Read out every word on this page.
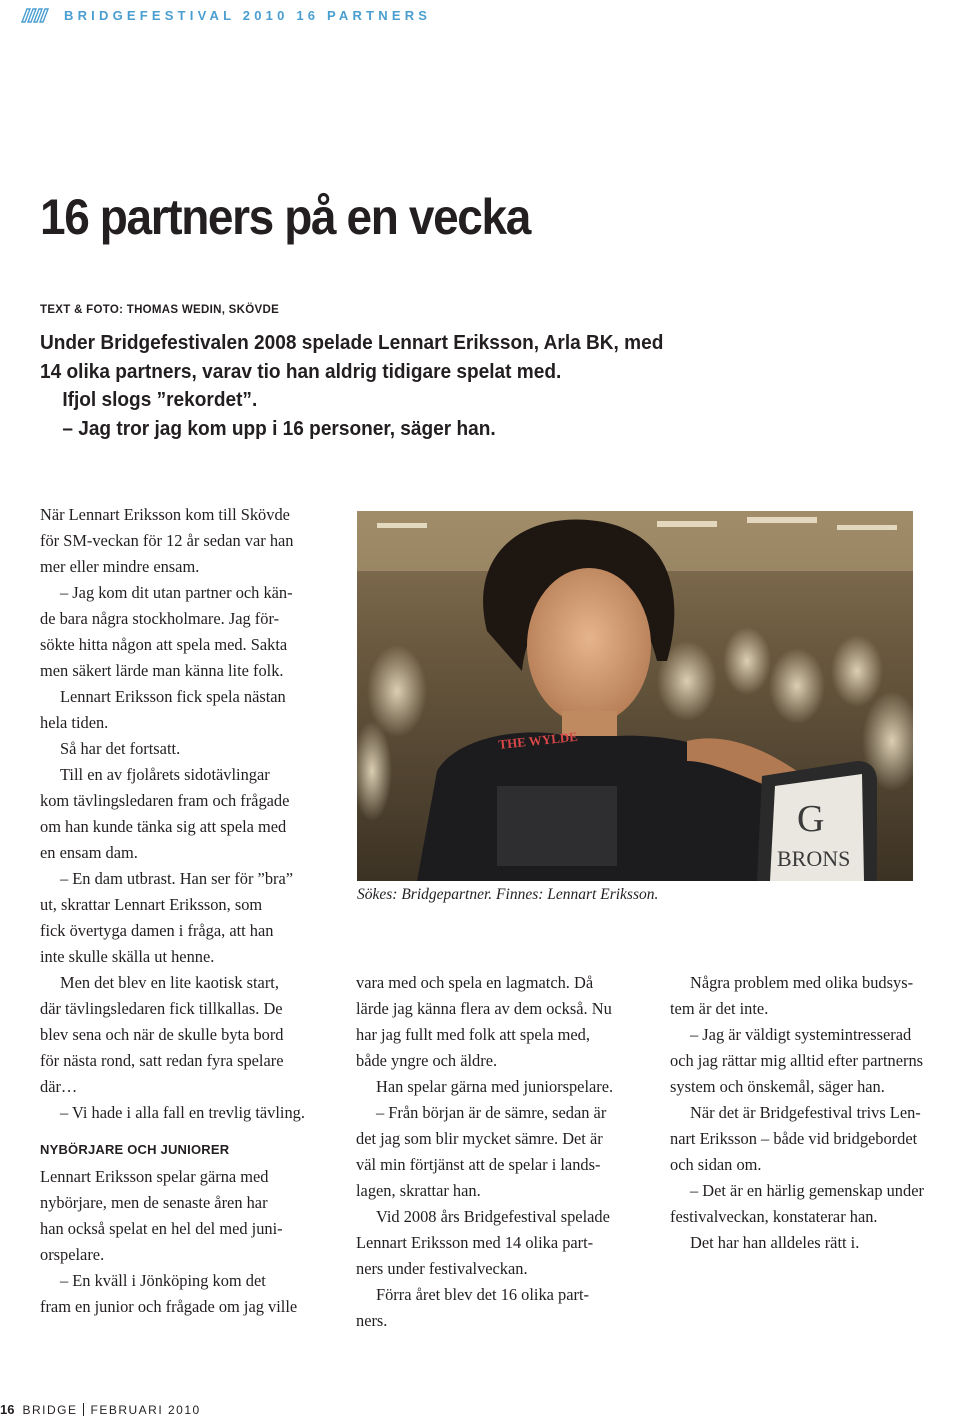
BRIDGEFESTIVAL 2010 16 PARTNERS
16 partners på en vecka
TEXT & FOTO: THOMAS WEDIN, SKÖVDE

Under Bridgefestivalen 2008 spelade Lennart Eriksson, Arla BK, med

14 olika partners, varav tio han aldrig tidigare spelat med.

Ifjol slogs ”rekordet”.

– Jag tror jag kom upp i 16 personer, säger han.

När Lennart Eriksson kom till Skövde

för SM-veckan för 12 år sedan var han

mer eller mindre ensam.

– Jag kom dit utan partner och kän-

de bara några stockholmare. Jag för-

sökte hitta någon att spela med. Sakta

men säkert lärde man känna lite folk.

Lennart Eriksson fick spela nästan

hela tiden.

Så har det fortsatt.

Till en av fjolårets sidotävlingar

kom tävlingsledaren fram och frågade

om han kunde tänka sig att spela med

en ensam dam.

– En dam utbrast. Han ser för ”bra”

ut, skrattar Lennart Eriksson, som

fick övertyga damen i fråga, att han

inte skulle skälla ut henne.

Men det blev en lite kaotisk start,

där tävlingsledaren fick tillkallas. De

blev sena och när de skulle byta bord

för nästa rond, satt redan fyra spelare

där…

– Vi hade i alla fall en trevlig tävling.

NYBÖRJARE OCH JUNIORER

Lennart Eriksson spelar gärna med

nybörjare, men de senaste åren har

han också spelat en hel del med juni-

orspelare.

– En kväll i Jönköping kom det

fram en junior och frågade om jag ville

THE WYLDE
G
BRONS
Sökes: Bridgepartner. Finnes: Lennart Eriksson.

vara med och spela en lagmatch. Då

lärde jag känna flera av dem också. Nu

har jag fullt med folk att spela med,

både yngre och äldre.

Han spelar gärna med juniorspelare.

– Från början är de sämre, sedan är

det jag som blir mycket sämre. Det är

väl min förtjänst att de spelar i lands-

lagen, skrattar han.

Vid 2008 års Bridgefestival spelade

Lennart Eriksson med 14 olika part-

ners under festivalveckan.

Förra året blev det 16 olika part-

ners.

Några problem med olika budsys-

tem är det inte.

– Jag är väldigt systemintresserad

och jag rättar mig alltid efter partnerns

system och önskemål, säger han.

När det är Bridgefestival trivs Len-

nart Eriksson – både vid bridgebordet

och sidan om.

– Det är en härlig gemenskap under

festivalveckan, konstaterar han.

Det har han alldeles rätt i.

16 BRIDGE FEBRUARI 2010
